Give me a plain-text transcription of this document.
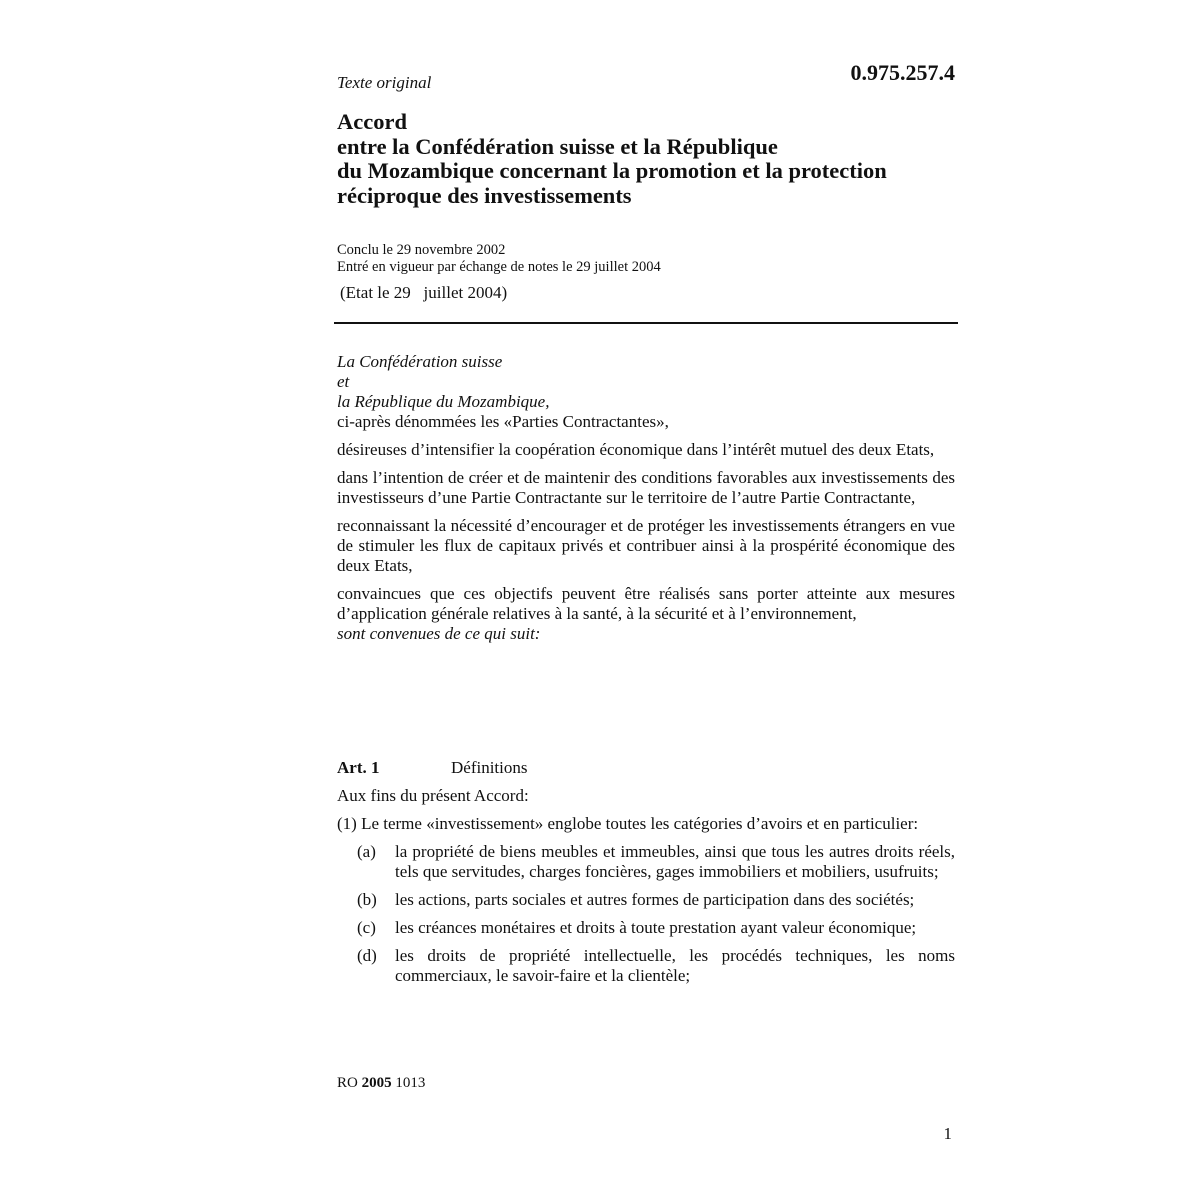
Texte original	0.975.257.4
Accord
entre la Confédération suisse et la République
du Mozambique concernant la promotion et la protection
réciproque des investissements
Conclu le 29 novembre 2002
Entré en vigueur par échange de notes le 29 juillet 2004
(Etat le 29   juillet 2004)
La Confédération suisse
et
la République du Mozambique,

ci-après dénommées les «Parties Contractantes»,

désireuses d’intensifier la coopération économique dans l’intérêt mutuel des deux Etats,

dans l’intention de créer et de maintenir des conditions favorables aux investissements des investisseurs d’une Partie Contractante sur le territoire de l’autre Partie Contractante,

reconnaissant la nécessité d’encourager et de protéger les investissements étrangers en vue de stimuler les flux de capitaux privés et contribuer ainsi à la prospérité économique des deux Etats,

convaincues que ces objectifs peuvent être réalisés sans porter atteinte aux mesures d’application générale relatives à la santé, à la sécurité et à l’environnement,

sont convenues de ce qui suit:
Art. 1	Définitions

Aux fins du présent Accord:

(1) Le terme «investissement» englobe toutes les catégories d’avoirs et en particulier:

(a)	la propriété de biens meubles et immeubles, ainsi que tous les autres droits réels, tels que servitudes, charges foncières, gages immobiliers et mobiliers, usufruits;
(b)	les actions, parts sociales et autres formes de participation dans des sociétés;
(c)	les créances monétaires et droits à toute prestation ayant valeur économique;
(d)	les droits de propriété intellectuelle, les procédés techniques, les noms commerciaux, le savoir-faire et la clientèle;
RO 2005 1013
1
